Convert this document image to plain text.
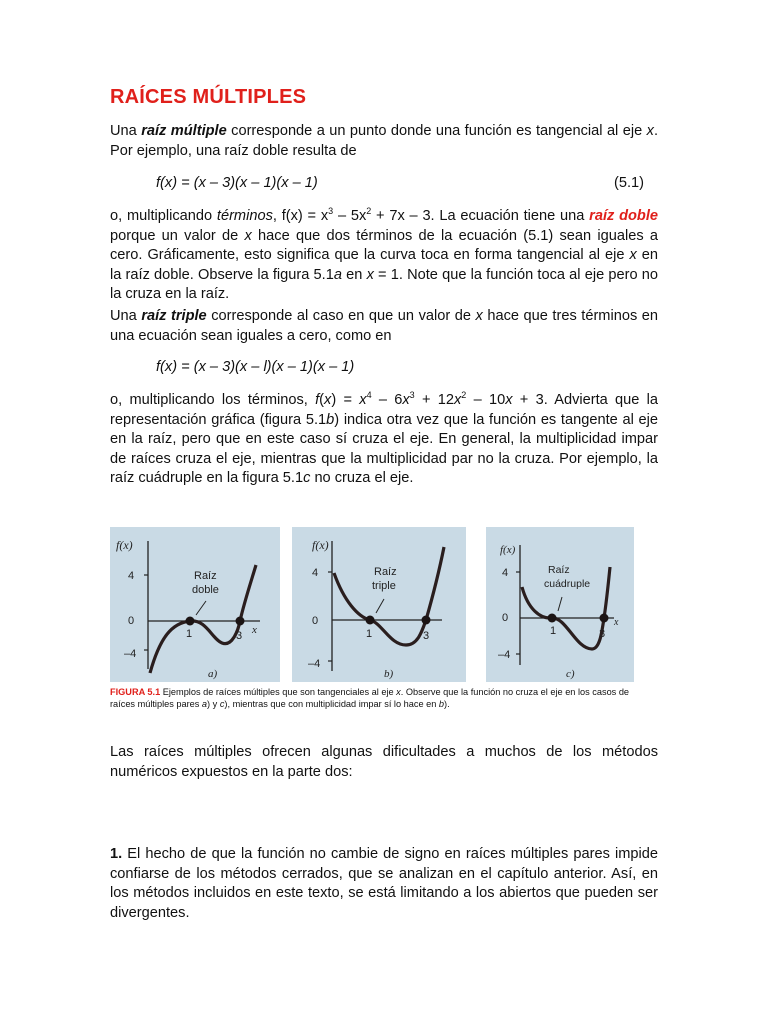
RAÍCES MÚLTIPLES

Una raíz múltiple corresponde a un punto donde una función es tangencial al eje x. Por ejemplo, una raíz doble resulta de

f(x) = (x – 3)(x – 1)(x – 1)	(5.1)

o, multiplicando términos, $f(x) = x^3 - 5x^2 + 7x - 3$. La ecuación tiene una raíz doble porque un valor de x hace que dos términos de la ecuación (5.1) sean iguales a cero. Gráficamente, esto significa que la curva toca en forma tangencial al eje x en la raíz doble. Observe la figura 5.1a en x = 1. Note que la función toca al eje pero no la cruza en la raíz.

Una raíz triple corresponde al caso en que un valor de x hace que tres términos en una ecuación sean iguales a cero, como en

f(x) = (x – 3)(x – l)(x – 1)(x – 1)

o, multiplicando los términos, $f(x) = x^4 - 6x^3 + 12x^2 - 10x + 3$. Advierta que la representación gráfica (figura 5.1b) indica otra vez que la función es tangente al eje en la raíz, pero que en este caso sí cruza el eje. En general, la multiplicidad impar de raíces cruza el eje, mientras que la multiplicidad par no la cruza. Por ejemplo, la raíz cuádruple en la figura 5.1c no cruza el eje.

f(x)
4
0
–4
x
Raíz
doble
1	3
a)
f(x)
4
0
–4
Raíz
triple
1	3
b)
f(x)
4
0
–4
x
Raíz
cuádruple
1	3
c)
FIGURA 5.1 Ejemplos de raíces múltiples que son tangenciales al eje x. Observe que la función no cruza el eje en los casos de raíces múltiples pares a) y c), mientras que con multiplicidad impar sí lo hace en b).

Las raíces múltiples ofrecen algunas dificultades a muchos de los métodos numéricos expuestos en la parte dos:

1. El hecho de que la función no cambie de signo en raíces múltiples pares impide confiarse de los métodos cerrados, que se analizan en el capítulo anterior. Así, en los métodos incluidos en este texto, se está limitando a los abiertos que pueden ser divergentes.
